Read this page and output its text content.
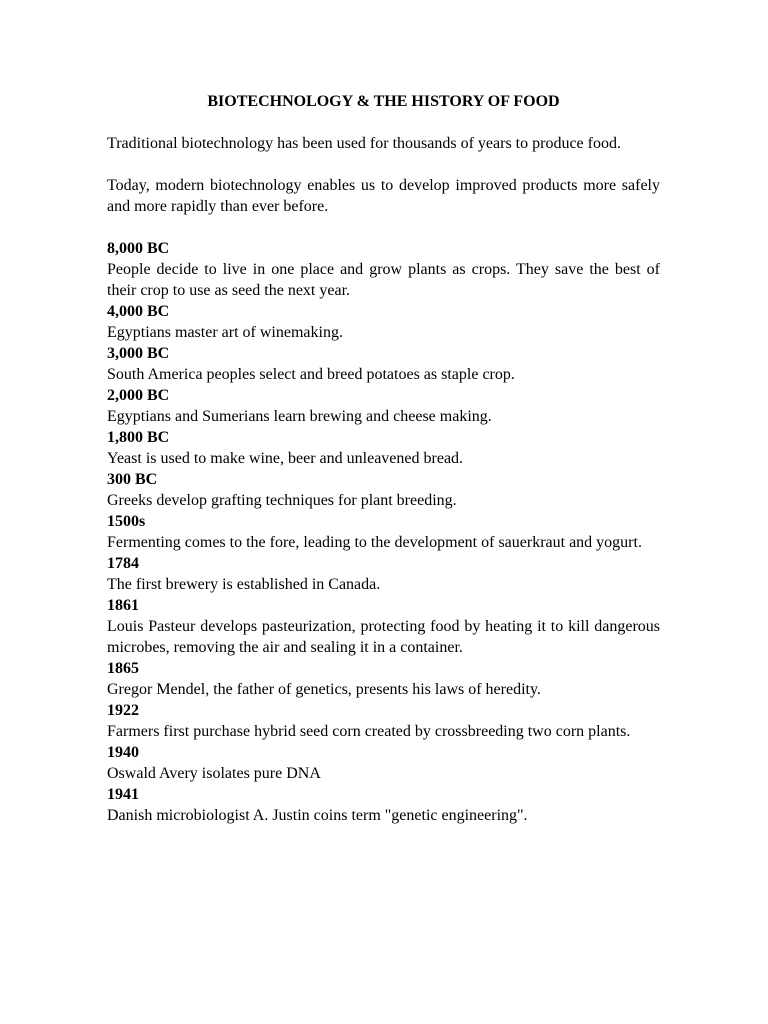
BIOTECHNOLOGY & THE HISTORY OF FOOD

Traditional biotechnology has been used for thousands of years to produce food.

Today, modern biotechnology enables us to develop improved products more safely and more rapidly than ever before.

8,000 BC

People decide to live in one place and grow plants as crops. They save the best of their crop to use as seed the next year.

4,000 BC

Egyptians master art of winemaking.

3,000 BC

South America peoples select and breed potatoes as staple crop.

2,000 BC

Egyptians and Sumerians learn brewing and cheese making.

1,800 BC

Yeast is used to make wine, beer and unleavened bread.

300 BC

Greeks develop grafting techniques for plant breeding.

1500s

Fermenting comes to the fore, leading to the development of sauerkraut and yogurt.

1784

The first brewery is established in Canada.

1861

Louis Pasteur develops pasteurization, protecting food by heating it to kill dangerous microbes, removing the air and sealing it in a container.

1865

Gregor Mendel, the father of genetics, presents his laws of heredity.

1922

Farmers first purchase hybrid seed corn created by crossbreeding two corn plants.

1940

Oswald Avery isolates pure DNA

1941

Danish microbiologist A. Justin coins term "genetic engineering".
